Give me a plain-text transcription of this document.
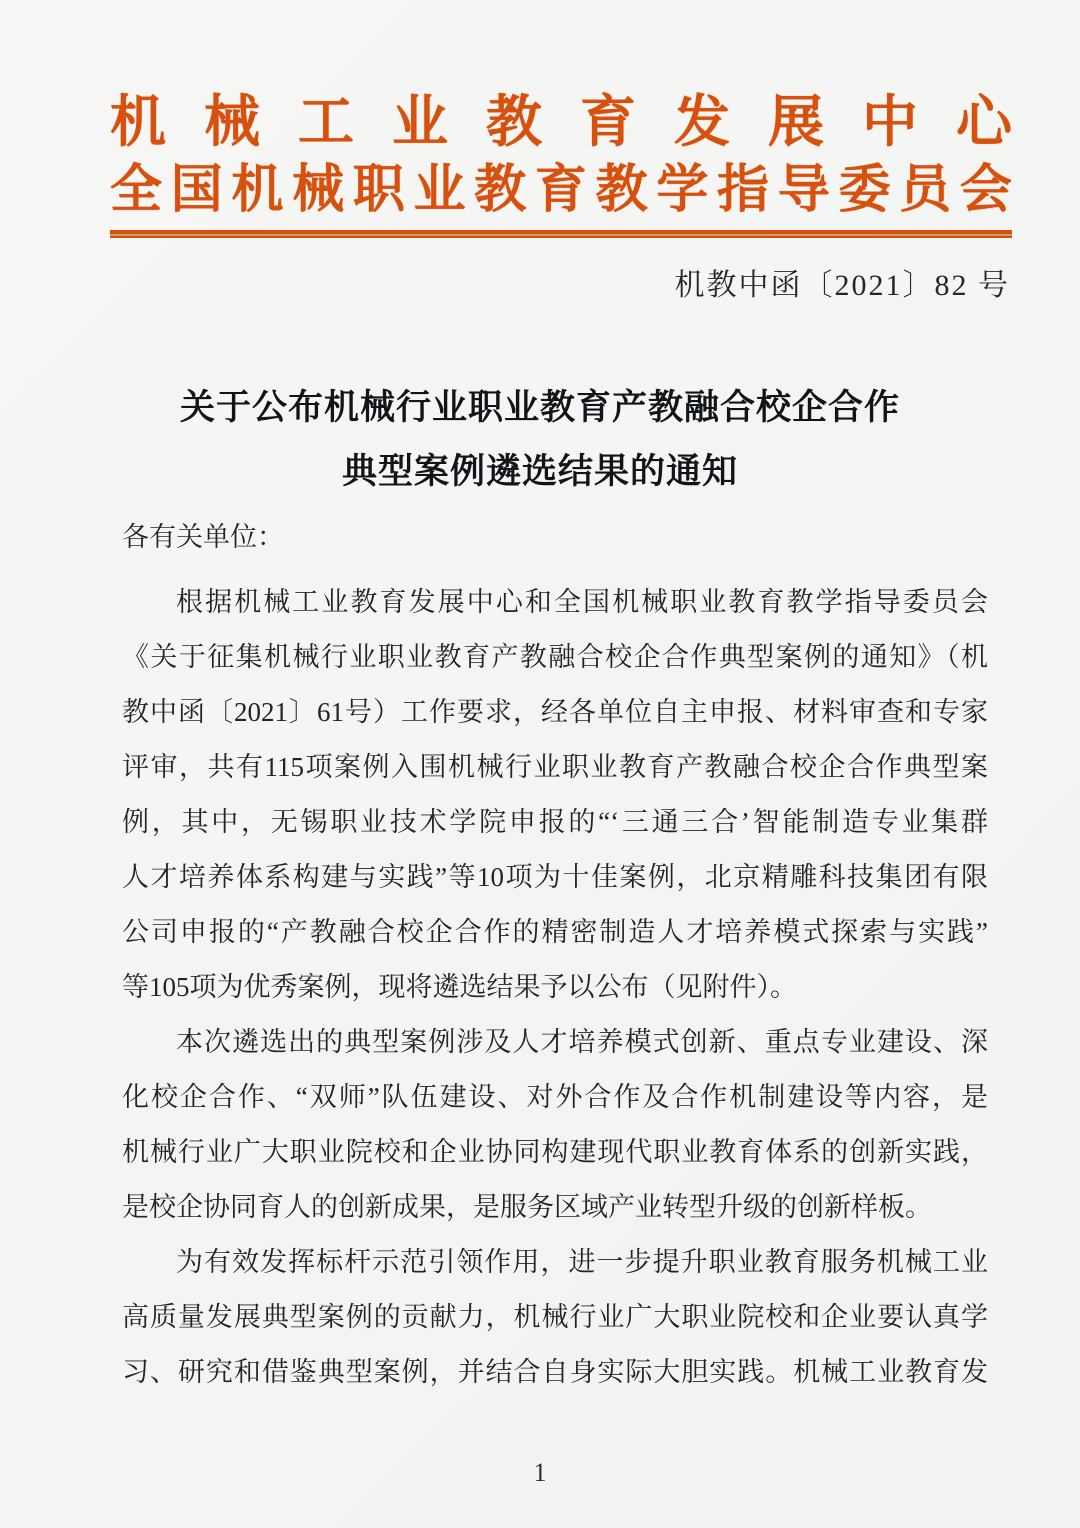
机 械 工 业 教 育 发 展 中 心
全 国 机 械 职 业 教 育 教 学 指 导 委 员 会
机教中函〔2021〕82 号
关于公布机械行业职业教育产教融合校企合作
典型案例遴选结果的通知
各有关单位：
根据机械工业教育发展中心和全国机械职业教育教学指导委员会
《关于征集机械行业职业教育产教融合校企合作典型案例的通知》（机
教中函〔2021〕61号）工作要求，经各单位自主申报、材料审查和专家
评审，共有115项案例入围机械行业职业教育产教融合校企合作典型案
例，其中，无锡职业技术学院申报的“‘三通三合’智能制造专业集群
人才培养体系构建与实践”等10项为十佳案例，北京精雕科技集团有限
公司申报的“产教融合校企合作的精密制造人才培养模式探索与实践”
等105项为优秀案例，现将遴选结果予以公布（见附件）。
本次遴选出的典型案例涉及人才培养模式创新、重点专业建设、深
化校企合作、“双师”队伍建设、对外合作及合作机制建设等内容，是
机械行业广大职业院校和企业协同构建现代职业教育体系的创新实践，
是校企协同育人的创新成果，是服务区域产业转型升级的创新样板。
为有效发挥标杆示范引领作用，进一步提升职业教育服务机械工业
高质量发展典型案例的贡献力，机械行业广大职业院校和企业要认真学
习、研究和借鉴典型案例，并结合自身实际大胆实践。机械工业教育发
1
